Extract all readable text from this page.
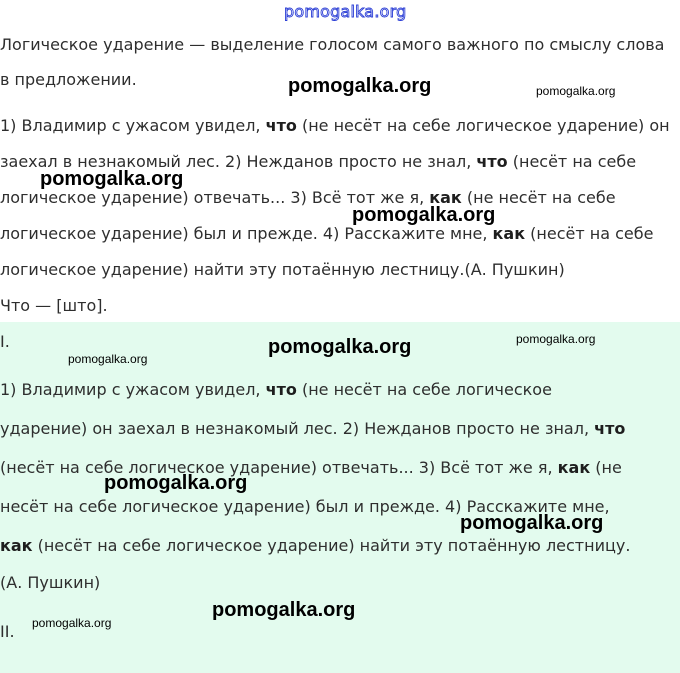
pomogalka.org
Логическое ударение — выделение голосом самого важного по смыслу слова
в предложении.
1) Владимир с ужасом увидел, что (не несёт на себе логическое ударение) он
заехал в незнакомый лес. 2) Нежданов просто не знал, что (несёт на себе
логическое ударение) отвечать... 3) Всё тот же я, как (не несёт на себе
логическое ударение) был и прежде. 4) Расскажите мне, как (несёт на себе
логическое ударение) найти эту потаённую лестницу.(А. Пушкин)
Что — [што].
I.
1) Владимир с ужасом увидел, что (не несёт на себе логическое
ударение) он заехал в незнакомый лес. 2) Нежданов просто не знал, что
(несёт на себе логическое ударение) отвечать... 3) Всё тот же я, как (не
несёт на себе логическое ударение) был и прежде. 4) Расскажите мне,
как (несёт на себе логическое ударение) найти эту потаённую лестницу.
(А. Пушкин)
II.
pomogalka.org	pomogalka.org
pomogalka.org
pomogalka.org
pomogalka.org	pomogalka.org
pomogalka.org
pomogalka.org
pomogalka.org
pomogalka.org
pomogalka.org
